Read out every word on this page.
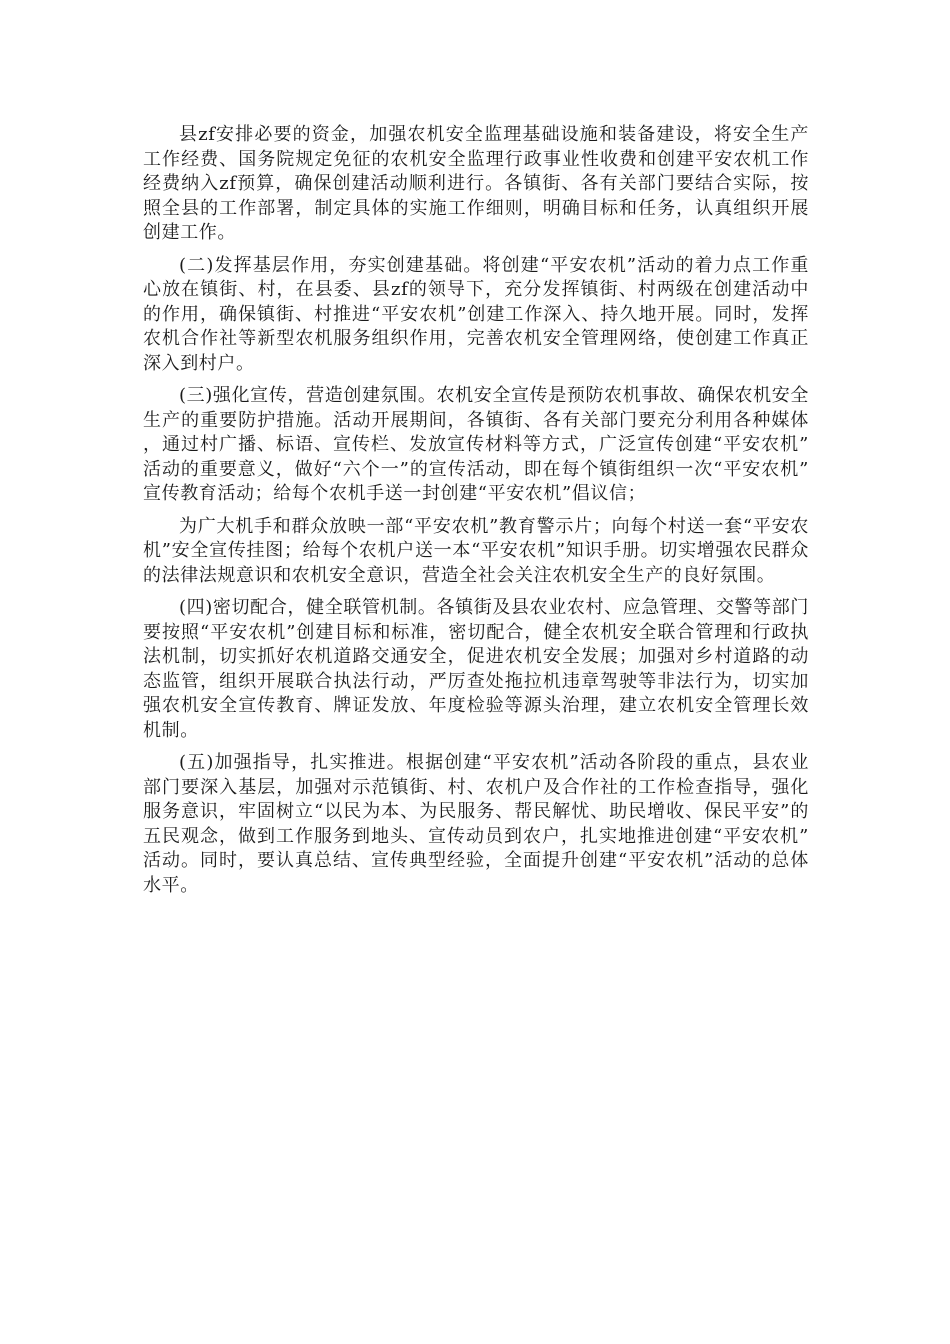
县zf安排必要的资金，加强农机安全监理基础设施和装备建设，将安全生产工作经费、国务院规定免征的农机安全监理行政事业性收费和创建平安农机工作经费纳入zf预算，确保创建活动顺利进行。各镇街、各有关部门要结合实际，按照全县的工作部署，制定具体的实施工作细则，明确目标和任务，认真组织开展创建工作。

(二)发挥基层作用，夯实创建基础。将创建“平安农机”活动的着力点工作重心放在镇街、村，在县委、县zf的领导下，充分发挥镇街、村两级在创建活动中的作用，确保镇街、村推进“平安农机”创建工作深入、持久地开展。同时，发挥农机合作社等新型农机服务组织作用，完善农机安全管理网络，使创建工作真正深入到村户。

(三)强化宣传，营造创建氛围。农机安全宣传是预防农机事故、确保农机安全生产的重要防护措施。活动开展期间，各镇街、各有关部门要充分利用各种媒体，通过村广播、标语、宣传栏、发放宣传材料等方式，广泛宣传创建“平安农机”活动的重要意义，做好“六个一”的宣传活动，即在每个镇街组织一次“平安农机”宣传教育活动；给每个农机手送一封创建“平安农机”倡议信；

为广大机手和群众放映一部“平安农机”教育警示片；向每个村送一套“平安农机”安全宣传挂图；给每个农机户送一本“平安农机”知识手册。切实增强农民群众的法律法规意识和农机安全意识，营造全社会关注农机安全生产的良好氛围。

(四)密切配合，健全联管机制。各镇街及县农业农村、应急管理、交警等部门要按照“平安农机”创建目标和标准，密切配合，健全农机安全联合管理和行政执法机制，切实抓好农机道路交通安全，促进农机安全发展；加强对乡村道路的动态监管，组织开展联合执法行动，严厉查处拖拉机违章驾驶等非法行为，切实加强农机安全宣传教育、牌证发放、年度检验等源头治理，建立农机安全管理长效机制。

(五)加强指导，扎实推进。根据创建“平安农机”活动各阶段的重点，县农业部门要深入基层，加强对示范镇街、村、农机户及合作社的工作检查指导，强化服务意识，牢固树立“以民为本、为民服务、帮民解忧、助民增收、保民平安”的五民观念，做到工作服务到地头、宣传动员到农户，扎实地推进创建“平安农机”活动。同时，要认真总结、宣传典型经验，全面提升创建“平安农机”活动的总体水平。
